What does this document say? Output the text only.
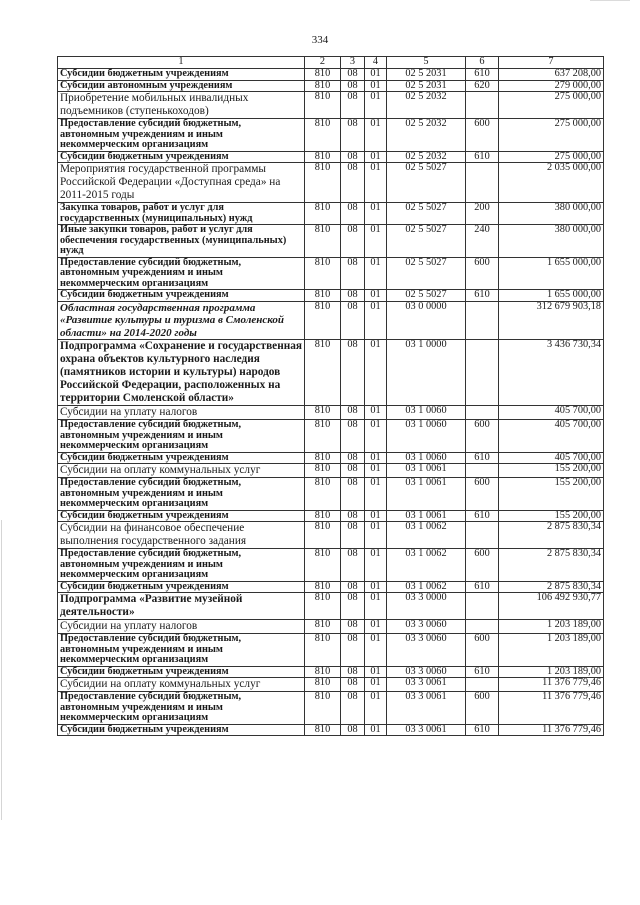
334
1	2	3	4	5	6	7
Субсидии бюджетным учреждениям	810	08	01	02 5 2031	610	637 208,00
Субсидии автономным учреждениям	810	08	01	02 5 2031	620	279 000,00
Приобретение мобильных инвалидных подъемников (ступенькоходов)	810	08	01	02 5 2032		275 000,00
Предоставление субсидий бюджетным, автономным учреждениям и иным некоммерческим организациям	810	08	01	02 5 2032	600	275 000,00
Субсидии бюджетным учреждениям	810	08	01	02 5 2032	610	275 000,00
Мероприятия государственной программы Российской Федерации «Доступная среда» на 2011-2015 годы	810	08	01	02 5 5027		2 035 000,00
Закупка товаров, работ и услуг для государственных (муниципальных) нужд	810	08	01	02 5 5027	200	380 000,00
Иные закупки товаров, работ и услуг для обеспечения государственных (муниципальных) нужд	810	08	01	02 5 5027	240	380 000,00
Предоставление субсидий бюджетным, автономным учреждениям и иным некоммерческим организациям	810	08	01	02 5 5027	600	1 655 000,00
Субсидии бюджетным учреждениям	810	08	01	02 5 5027	610	1 655 000,00
Областная государственная программа «Развитие культуры и туризма в Смоленской области» на 2014-2020 годы	810	08	01	03 0 0000		312 679 903,18
Подпрограмма «Сохранение и государственная охрана объектов культурного наследия (памятников истории и культуры) народов Российской Федерации, расположенных на территории Смоленской области»	810	08	01	03 1 0000		3 436 730,34
Субсидии на уплату налогов	810	08	01	03 1 0060		405 700,00
Предоставление субсидий бюджетным, автономным учреждениям и иным некоммерческим организациям	810	08	01	03 1 0060	600	405 700,00
Субсидии бюджетным учреждениям	810	08	01	03 1 0060	610	405 700,00
Субсидии на оплату коммунальных услуг	810	08	01	03 1 0061		155 200,00
Предоставление субсидий бюджетным, автономным учреждениям и иным некоммерческим организациям	810	08	01	03 1 0061	600	155 200,00
Субсидии бюджетным учреждениям	810	08	01	03 1 0061	610	155 200,00
Субсидии на финансовое обеспечение выполнения государственного задания	810	08	01	03 1 0062		2 875 830,34
Предоставление субсидий бюджетным, автономным учреждениям и иным некоммерческим организациям	810	08	01	03 1 0062	600	2 875 830,34
Субсидии бюджетным учреждениям	810	08	01	03 1 0062	610	2 875 830,34
Подпрограмма «Развитие музейной деятельности»	810	08	01	03 3 0000		106 492 930,77
Субсидии на уплату налогов	810	08	01	03 3 0060		1 203 189,00
Предоставление субсидий бюджетным, автономным учреждениям и иным некоммерческим организациям	810	08	01	03 3 0060	600	1 203 189,00
Субсидии бюджетным учреждениям	810	08	01	03 3 0060	610	1 203 189,00
Субсидии на оплату коммунальных услуг	810	08	01	03 3 0061		11 376 779,46
Предоставление субсидий бюджетным, автономным учреждениям и иным некоммерческим организациям	810	08	01	03 3 0061	600	11 376 779,46
Субсидии бюджетным учреждениям	810	08	01	03 3 0061	610	11 376 779,46
